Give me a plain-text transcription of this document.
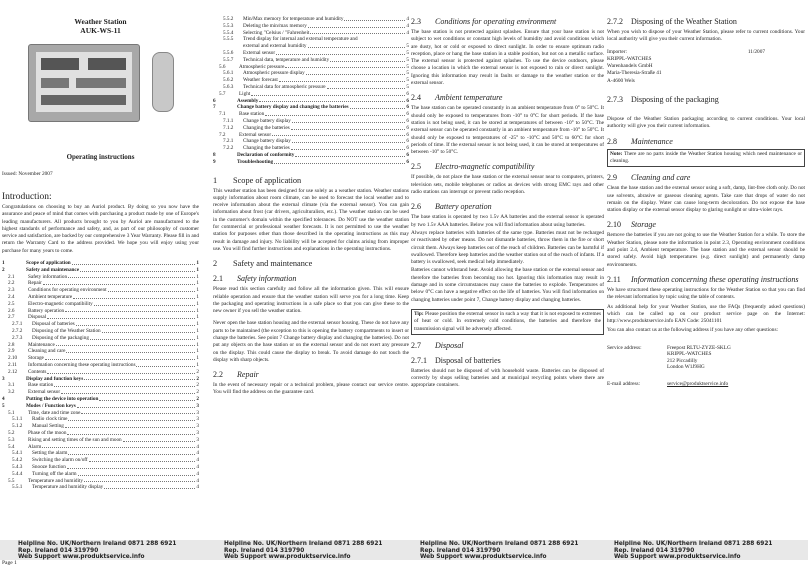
Weather Station
AUK-WS-11
Operating instructions
Issued: November 2007
Introduction:

Congratulations on choosing to buy an Auriol product. By doing so you now have the assurance and peace of mind that comes with purchasing a product made by one of Europe's leading manufacturers. All products brought to you by Auriol are manufactured to the highest standards of performance and safety, and, as part of our philosophy of customer service and satisfaction, are backed by our comprehensive 3 Year Warranty. Please fill in and return the Warranty Card to the address provided. We hope you will enjoy using your purchase for many years to come.

1	Scope of application	1
2	Safety and maintenance	1
2.1	Safety information	1
2.2	Repair	1
2.3	Conditions for operating environment	1
2.4	Ambient temperature	1
2.5	Electro-magnetic compatibility	1
2.6	Battery operation	1
2.7	Disposal	1
2.7.1	Disposal of batteries	1
2.7.2	Disposing of the Weather Station	1
2.7.3	Disposing of the packaging	1
2.8	Maintenance	1
2.9	Cleaning and care	1
2.10	Storage	1
2.11	Information concerning these operating instructions	1
2.12	Contents	2
3	Display and function keys	2
3.1	Base station	2
3.2	External sensor	2
4	Putting the device into operation	2
5	Modes / Function keys	3
5.1	Time, date and time zone	3
5.1.1	Radio clock time	3
5.1.2	Manual Setting	3
5.2	Phase of the moon	3
5.3	Rising and setting times of the sun and moon	3
5.4	Alarm	4
5.4.1	Setting the alarm	4
5.4.2	Switching the alarm on/off	4
5.4.3	Snooze function	4
5.4.4	Turning off the alarm	4
5.5	Temperature and humidity	4
5.5.1	Temperature and humidity display	4
5.5.2	Min/Max memory for temperature and humidity	4
5.5.3	Deleting the min/max memory	4
5.5.4	Selecting "Celsius / "Fahrenheit	4
5.5.5	Trend display for internal and external temperature and
external and external humidity	5
5.5.6	External sensor	5
5.5.7	Technical data, temperature and humidity	5
5.6	Atmospheric pressure	5
5.6.1	Atmospheric pressure display	5
5.6.2	Weather forecast	5
5.6.3	Technical data for atmospheric pressure	5
5.7	Light	6
6	Assembly	6
7	Change battery display and changing the batteries	6
7.1	Base station	6
7.1.1	Change battery display	6
7.1.2	Changing the batteries	6
7.2	External sensor	6
7.2.1	Change battery display	6
7.2.2	Changing the batteries	6
8	Declaration of conformity	6
9	Troubleshooting	6
1 Scope of application

This weather station has been designed for use solely as a weather station. Weather stations supply information about room climate, can be used to forecast the local weather and to receive information about the external climate (via the external sensor). You can gain information about frost (car drivers, agriculturalists, etc.). The weather station can be used in the customer's domain within the specified tolerances. Do NOT use the weather station for commercial or professional weather forecasts. It is not permitted to use the weather station for purposes other than those described in the operating instructions as this may result in damage and injury. No liability will be accepted for claims arising from improper use. You will find further instructions and explanations in the operating instructions.

2 Safety and maintenance
2.1 Safety information

Please read this section carefully and follow all the information given. This will ensure reliable operation and ensure that the weather station will serve you for a long time. Keep the packaging and operating instructions in a safe place so that you can give these to the new owner if you sell the weather station.

Never open the base station housing and the external sensor housing. These do not have any parts to be maintained (the exception to this is opening the battery compartments to insert or change the batteries. See point 7 Change battery display and changing the batteries). Do not put any objects on the base station or on the external sensor and do not exert any pressure on the display. This could cause the display to break. To avoid damage do not touch the display with sharp objects.

2.2 Repair

In the event of necessary repair or a technical problem, please contact our service centre. You will find the address on the guarantee card.

2.3 Conditions for operating environment

The base station is not protected against splashes. Ensure that your base station is not subject to wet conditions or constant high levels of humidity and avoid conditions which are dusty, hot or cold or exposed to direct sunlight. In order to ensure optimum radio reception, place or hang the base station in a stable position, but not on a metallic surface. The external sensor is protected against splashes. To use the device outdoors, please choose a location in which the external sensor is not exposed to rain or direct sunlight. Ignoring this information may result in faults or damage to the weather station or the external sensor.

2.4 Ambient temperature

The base station can be operated constantly in an ambient temperature from 0° to 50°C. It should only be exposed to temperatures from -10° to 0°C for short periods. If the base station is not being used, it can be stored at temperatures of between -10° to 50°C. The external sensor can be operated constantly in an ambient temperature from -10° to 50°C. It should only be exposed to temperatures of -25° to -10°C and 50°C to 60°C for short periods of time. If the external sensor is not being used, it can be stored at temperatures of between -10° to 50°C.

2.5 Electro-magnetic compatibility

If possible, do not place the base station or the external sensor near to computers, printers, television sets, mobile telephones or radios as devices with strong EMC rays and other radio stations can interrupt or prevent radio reception.

2.6 Battery operation

The base station is operated by two 1.5v AA batteries and the external sensor is operated by two 1.5v AAA batteries. Below you will find information about using batteries.

Always replace batteries with batteries of the same type. Batteries must not be recharged or reactivated by other means. Do not dismantle batteries, throw them in the fire or short circuit them. Always keep batteries out of the reach of children. Batteries can be harmful if swallowed. Therefore keep batteries and the weather station out of the reach of infants. If a battery is swallowed, seek medical help immediately.

Batteries cannot withstand heat. Avoid allowing the base station or the external sensor and therefore the batteries from becoming too hot. Ignoring this information may result in damage and in some circumstances may cause the batteries to explode. Temperatures of below 0°C can have a negative effect on the life of batteries. You will find information on changing batteries under point 7, Change battery display and changing batteries.

Tip: Please position the external sensor in such a way that it is not exposed to extremes of heat or cold. In extremely cold conditions, the batteries and therefore the transmission signal will be adversely affected.

2.7 Disposal
2.7.1 Disposal of batteries

Batteries should not be disposed of with household waste. Batteries can be disposed of correctly by shops selling batteries and at municipal recycling points where there are appropriate containers.

2.7.2 Disposing of the Weather Station

When you wish to dispose of your Weather Station, please refer to current conditions. Your local authority will give you their current information.

Importer:	11/2007
KRIPPL-WATCHES
Warenhandels GmbH
Maria-Theresia-Straße 41
A-4600 Wels
2.7.3 Disposing of the packaging

Dispose of the Weather Station packaging according to current conditions. Your local authority will give you their current information.

2.8 Maintenance

Note: There are no parts inside the Weather Station housing which need maintenance or cleaning.

2.9 Cleaning and care

Clean the base station and the external sensor using a soft, damp, lint-free cloth only. Do not use solvents, abrasive or gaseous cleaning agents. Take care that drops of water do not remain on the display. Water can cause long-term decoloration. Do not expose the base station display or the external sensor display to glaring sunlight or ultra-violet rays.

2.10 Storage

Remove the batteries if you are not going to use the Weather Station for a while. To store the Weather Station, please note the information in point 2.3, Operating environment conditions and point 2.4, Ambient temperature. The base station and the external sensor should be stored safely. Avoid high temperatures (e.g. direct sunlight) and permanently damp environments.

2.11 Information concerning these operating instructions

We have structured these operating instructions for the Weather Station so that you can find the relevant information by topic using the table of contents.

As additional help for your Weather Station, use the FAQs (frequently asked questions) which can be called up on our product service page on the Internet: http://www.produktservice.info EAN Code: 25041101

You can also contact us at the following address if you have any other questions:

Service address:	Freepost RLTU-ZYZE-SKLG
KRIPPL-WATCHES
212 Piccadilly
London W1J9HG
E-mail address:	service@produktservice.info
Helpline No. UK/Northern Ireland 0871 288 6921
Rep. Ireland 014 319790
Web Support www.produktservice.info
Helpline No. UK/Northern Ireland 0871 288 6921
Rep. Ireland 014 319790
Web Support www.produktservice.info
Helpline No. UK/Northern Ireland 0871 288 6921
Rep. Ireland 014 319790
Web Support www.produktservice.info
Helpline No. UK/Northern Ireland 0871 288 6921
Rep. Ireland 014 319790
Web Support www.produktservice.info
Page 1
